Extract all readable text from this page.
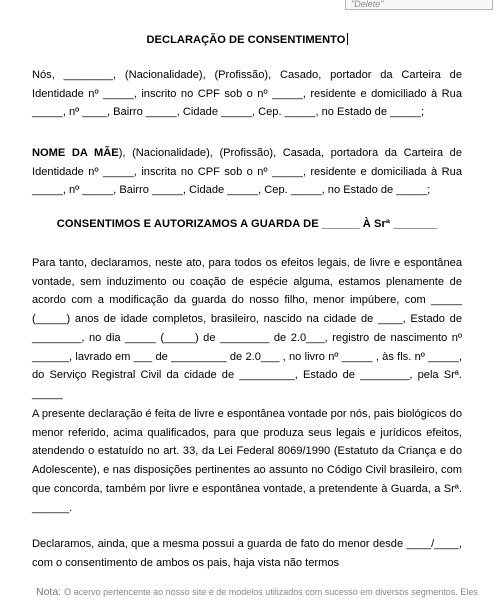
"Delete"
DECLARAÇÃO DE CONSENTIMENTO

Nós, ________, (Nacionalidade), (Profissão), Casado, portador da Carteira de Identidade nº _____, inscrito no CPF sob o nº _____, residente e domiciliado à Rua _____, nº ____, Bairro _____, Cidade _____, Cep. _____, no Estado de _____;

NOME DA MÃE), (Nacionalidade), (Profissão), Casada, portadora da Carteira de Identidade nº _____, inscrita no CPF sob o nº _____, residente e domiciliada à Rua _____, nº _____, Bairro _____, Cidade _____, Cep. _____, no Estado de _____;

CONSENTIMOS E AUTORIZAMOS A GUARDA DE ______ À Srª _______

Para tanto, declaramos, neste ato, para todos os efeitos legais, de livre e espontânea vontade, sem induzimento ou coação de espécie alguma, estamos plenamente de acordo com a modificação da guarda do nosso filho, menor impúbere, com _____ (_____) anos de idade completos, brasileiro, nascido na cidade de ____, Estado de ________, no dia _____ (_____) de ________ de 2.0___, registro de nascimento nº ______, lavrado em ___ de _________ de 2.0___ , no livro nº _____ , às fls. nº _____, do Serviço Registral Civil da cidade de _________, Estado de ________, pela Srª. _____

A presente declaração é feita de livre e espontânea vontade por nós, pais biológicos do menor referido, acima qualificados, para que produza seus legais e jurídicos efeitos, atendendo o estatuído no art. 33, da Lei Federal 8069/1990 (Estatuto da Criança e do Adolescente), e nas disposições pertinentes ao assunto no Código Civil brasileiro, com que concorda, também por livre e espontânea vontade, a pretendente à Guarda, a Srª. ______.

Declaramos, ainda, que a mesma possui a guarda de fato do menor desde ____/____, com o consentimento de ambos os pais, haja vista não termos

Nota: O acervo pertencente ao nosso site é de modelos utilizados com sucesso em diversos segmentos. Eles
